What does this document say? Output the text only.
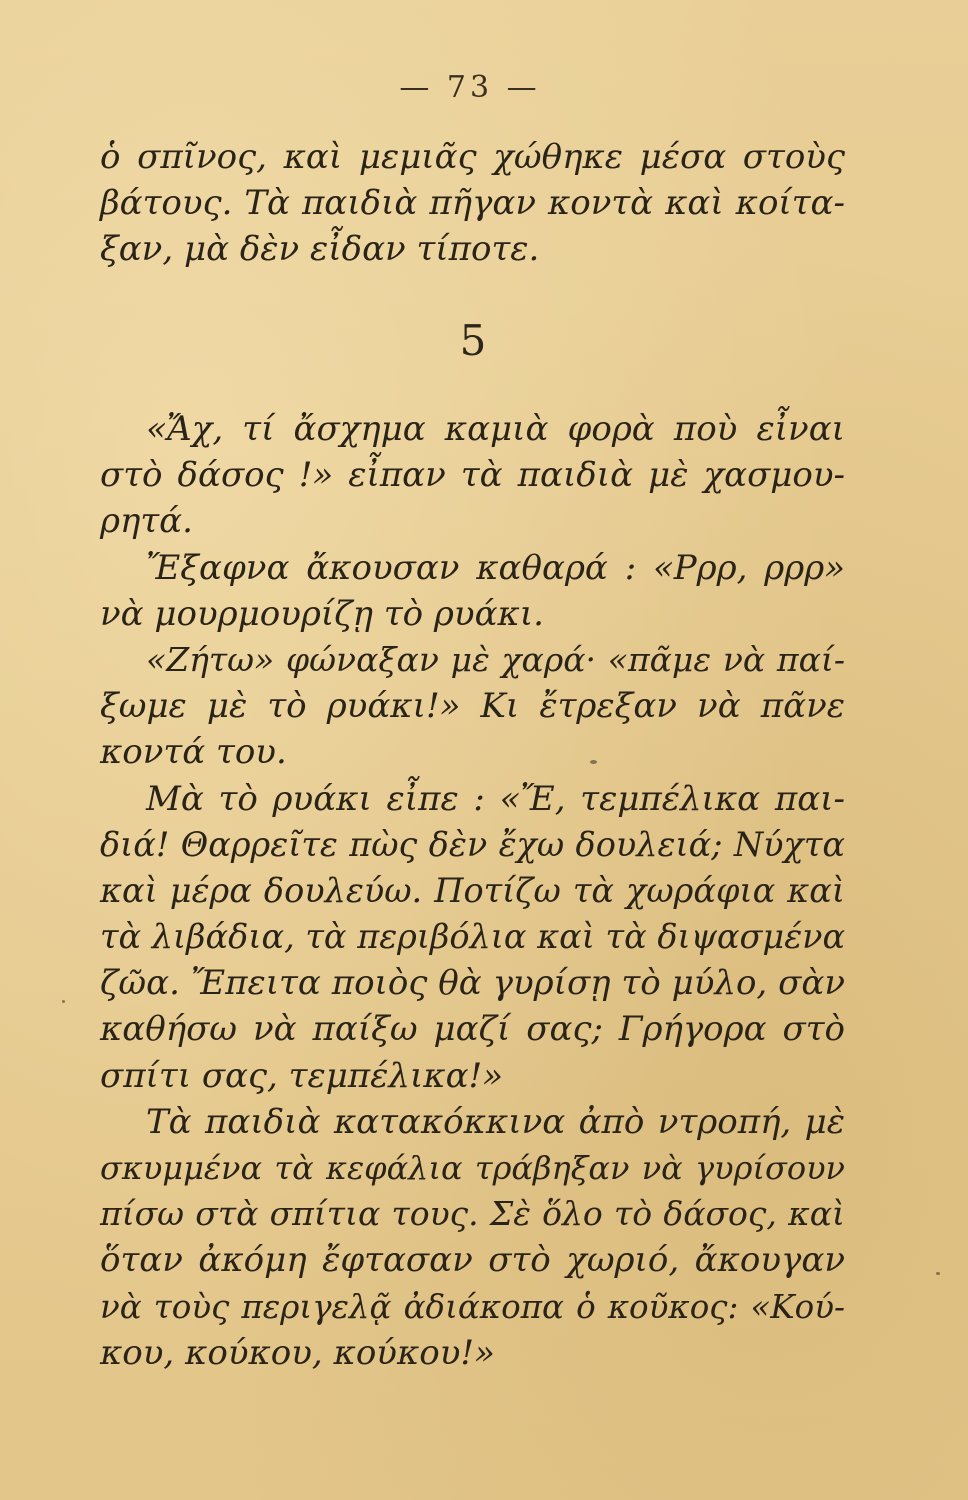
— 73 —
ὁ σπῖνος, καὶ μεμιᾶς χώθηκε μέσα στοὺς
βάτους. Τὰ παιδιὰ πῆγαν κοντὰ καὶ κοίτα-
ξαν, μὰ δὲν εἶδαν τίποτε.
5
«Ἄχ, τί ἄσχημα καμιὰ φορὰ ποὺ εἶναι
στὸ δάσος !» εἶπαν τὰ παιδιὰ μὲ χασμου-
ρητά.
Ἔξαφνα ἄκουσαν καθαρά : «Ρρρ, ρρρ»
νὰ μουρμουρίζῃ τὸ ρυάκι.
«Ζήτω» φώναξαν μὲ χαρά· «πᾶμε νὰ παί-
ξωμε μὲ τὸ ρυάκι!» Κι ἔτρεξαν νὰ πᾶνε
κοντά του.
Μὰ τὸ ρυάκι εἶπε : «Ἔ, τεμπέλικα παι-
διά! Θαρρεῖτε πὼς δὲν ἔχω δουλειά; Νύχτα
καὶ μέρα δουλεύω. Ποτίζω τὰ χωράφια καὶ
τὰ λιβάδια, τὰ περιβόλια καὶ τὰ διψασμένα
ζῶα. Ἔπειτα ποιὸς θὰ γυρίσῃ τὸ μύλο, σὰν
καθήσω νὰ παίξω μαζί σας; Γρήγορα στὸ
σπίτι σας, τεμπέλικα!»
Τὰ παιδιὰ κατακόκκινα ἀπὸ ντροπή, μὲ
σκυμμένα τὰ κεφάλια τράβηξαν νὰ γυρίσουν
πίσω στὰ σπίτια τους. Σὲ ὅλο τὸ δάσος, καὶ
ὅταν ἀκόμη ἔφτασαν στὸ χωριό, ἄκουγαν
νὰ τοὺς περιγελᾷ ἀδιάκοπα ὁ κοῦκος: «Κού-
κου, κούκου, κούκου!»
